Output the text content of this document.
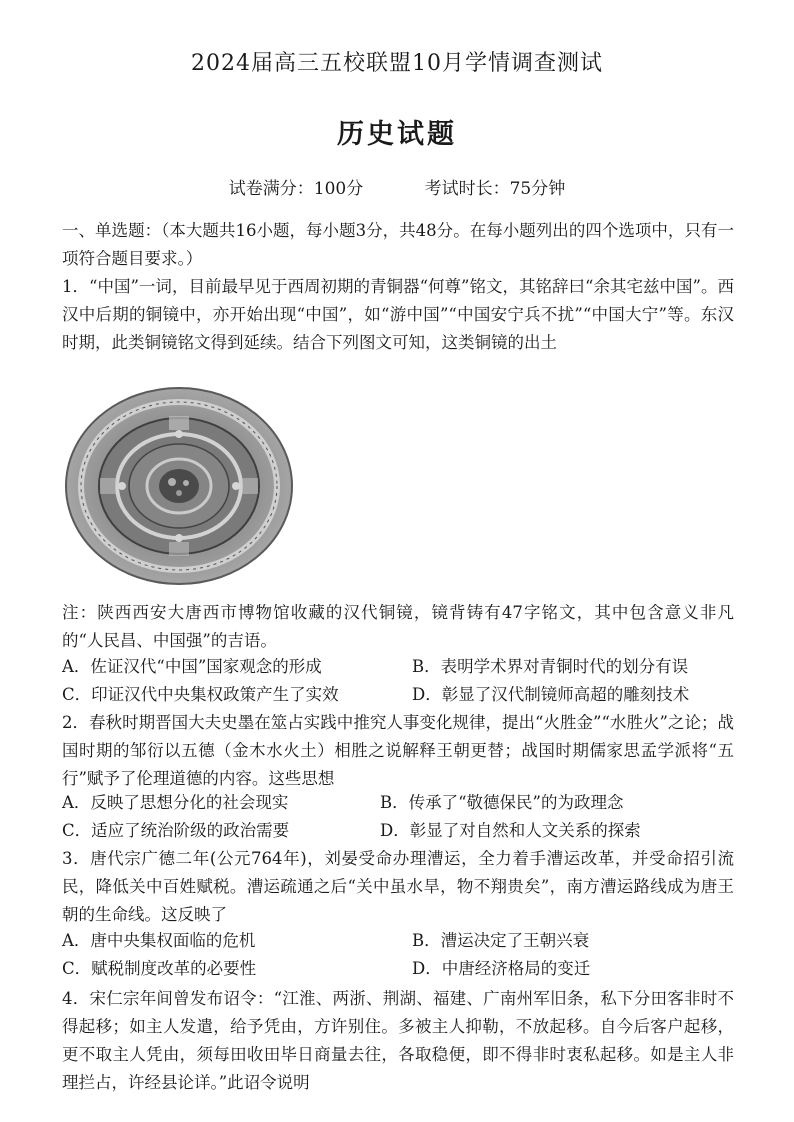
2024届高三五校联盟10月学情调查测试
历史试题
试卷满分：100分	考试时长：75分钟
一、单选题：（本大题共16小题，每小题3分，共48分。在每小题列出的四个选项中，只有一项符合题目要求。）
1．“中国”一词，目前最早见于西周初期的青铜器“何尊”铭文，其铭辞曰“余其宅兹中国”。西汉中后期的铜镜中，亦开始出现“中国”，如“游中国”“中国安宁兵不扰”“中国大宁”等。东汉时期，此类铜镜铭文得到延续。结合下列图文可知，这类铜镜的出土
注：陕西西安大唐西市博物馆收藏的汉代铜镜，镜背铸有47字铭文，其中包含意义非凡的“人民昌、中国强”的吉语。
A．佐证汉代“中国”国家观念的形成	B．表明学术界对青铜时代的划分有误
C．印证汉代中央集权政策产生了实效	D．彰显了汉代制镜师高超的雕刻技术
2．春秋时期晋国大夫史墨在筮占实践中推究人事变化规律，提出“火胜金”“水胜火”之论；战国时期的邹衍以五德（金木水火土）相胜之说解释王朝更替；战国时期儒家思孟学派将“五行”赋予了伦理道德的内容。这些思想
A．反映了思想分化的社会现实	B．传承了“敬德保民”的为政理念
C．适应了统治阶级的政治需要	D．彰显了对自然和人文关系的探索
3．唐代宗广德二年(公元764年)，刘晏受命办理漕运，全力着手漕运改革，并受命招引流民，降低关中百姓赋税。漕运疏通之后“关中虽水旱，物不翔贵矣”，南方漕运路线成为唐王朝的生命线。这反映了
A．唐中央集权面临的危机	B．漕运决定了王朝兴衰
C．赋税制度改革的必要性	D．中唐经济格局的变迁
4．宋仁宗年间曾发布诏令：“江淮、两浙、荆湖、福建、广南州军旧条，私下分田客非时不得起移；如主人发遣，给予凭由，方许别住。多被主人抑勒，不放起移。自今后客户起移，更不取主人凭由，须每田收田毕日商量去往，各取稳便，即不得非时衷私起移。如是主人非理拦占，许经县论详。”此诏令说明
